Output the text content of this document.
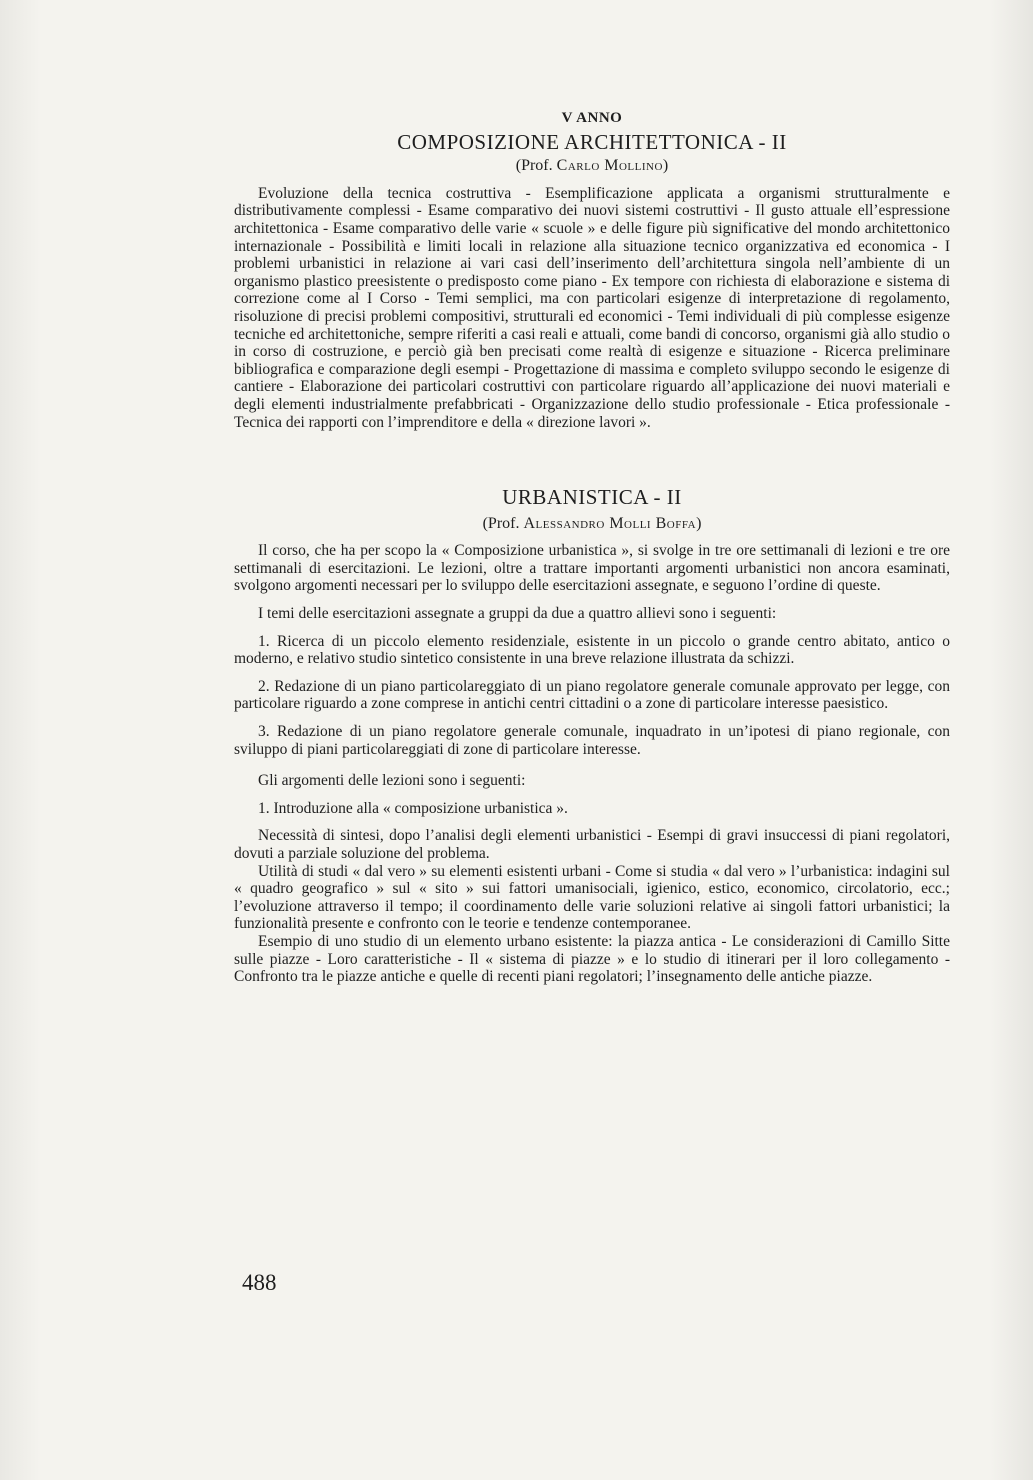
V ANNO
COMPOSIZIONE ARCHITETTONICA - II
(Prof. Carlo Mollino)

Evoluzione della tecnica costruttiva - Esemplificazione applicata a organismi strutturalmente e distributivamente complessi - Esame comparativo dei nuovi sistemi costruttivi - Il gusto attuale ell’espressione architettonica - Esame comparativo delle varie « scuole » e delle figure più significative del mondo architettonico internazionale - Possibilità e limiti locali in relazione alla situazione tecnico organizzativa ed economica - I problemi urbanistici in relazione ai vari casi dell’inserimento dell’architettura singola nell’ambiente di un organismo plastico preesistente o predisposto come piano - Ex tempore con richiesta di elaborazione e sistema di correzione come al I Corso - Temi semplici, ma con particolari esigenze di interpretazione di regolamento, risoluzione di precisi problemi compositivi, strutturali ed economici - Temi individuali di più complesse esigenze tecniche ed architettoniche, sempre riferiti a casi reali e attuali, come bandi di concorso, organismi già allo studio o in corso di costruzione, e perciò già ben precisati come realtà di esigenze e situazione - Ricerca preliminare bibliografica e comparazione degli esempi - Progettazione di massima e completo sviluppo secondo le esigenze di cantiere - Elaborazione dei particolari costruttivi con particolare riguardo all’applicazione dei nuovi materiali e degli elementi industrialmente prefabbricati - Organizzazione dello studio professionale - Etica professionale - Tecnica dei rapporti con l’imprenditore e della « direzione lavori ».

URBANISTICA - II
(Prof. Alessandro Molli Boffa)

Il corso, che ha per scopo la « Composizione urbanistica », si svolge in tre ore settimanali di lezioni e tre ore settimanali di esercitazioni. Le lezioni, oltre a trattare importanti argomenti urbanistici non ancora esaminati, svolgono argomenti necessari per lo sviluppo delle esercitazioni assegnate, e seguono l’ordine di queste.

I temi delle esercitazioni assegnate a gruppi da due a quattro allievi sono i seguenti:

1. Ricerca di un piccolo elemento residenziale, esistente in un piccolo o grande centro abitato, antico o moderno, e relativo studio sintetico consistente in una breve relazione illustrata da schizzi.

2. Redazione di un piano particolareggiato di un piano regolatore generale comunale approvato per legge, con particolare riguardo a zone comprese in antichi centri cittadini o a zone di particolare interesse paesistico.

3. Redazione di un piano regolatore generale comunale, inquadrato in un’ipotesi di piano regionale, con sviluppo di piani particolareggiati di zone di particolare interesse.

Gli argomenti delle lezioni sono i seguenti:

1. Introduzione alla « composizione urbanistica ».

Necessità di sintesi, dopo l’analisi degli elementi urbanistici - Esempi di gravi insuccessi di piani regolatori, dovuti a parziale soluzione del problema.

Utilità di studi « dal vero » su elementi esistenti urbani - Come si studia « dal vero » l’urbanistica: indagini sul « quadro geografico » sul « sito » sui fattori umanisociali, igienico, estico, economico, circolatorio, ecc.; l’evoluzione attraverso il tempo; il coordinamento delle varie soluzioni relative ai singoli fattori urbanistici; la funzionalità presente e confronto con le teorie e tendenze contemporanee.

Esempio di uno studio di un elemento urbano esistente: la piazza antica - Le considerazioni di Camillo Sitte sulle piazze - Loro caratteristiche - Il « sistema di piazze » e lo studio di itinerari per il loro collegamento - Confronto tra le piazze antiche e quelle di recenti piani regolatori; l’insegnamento delle antiche piazze.

488
